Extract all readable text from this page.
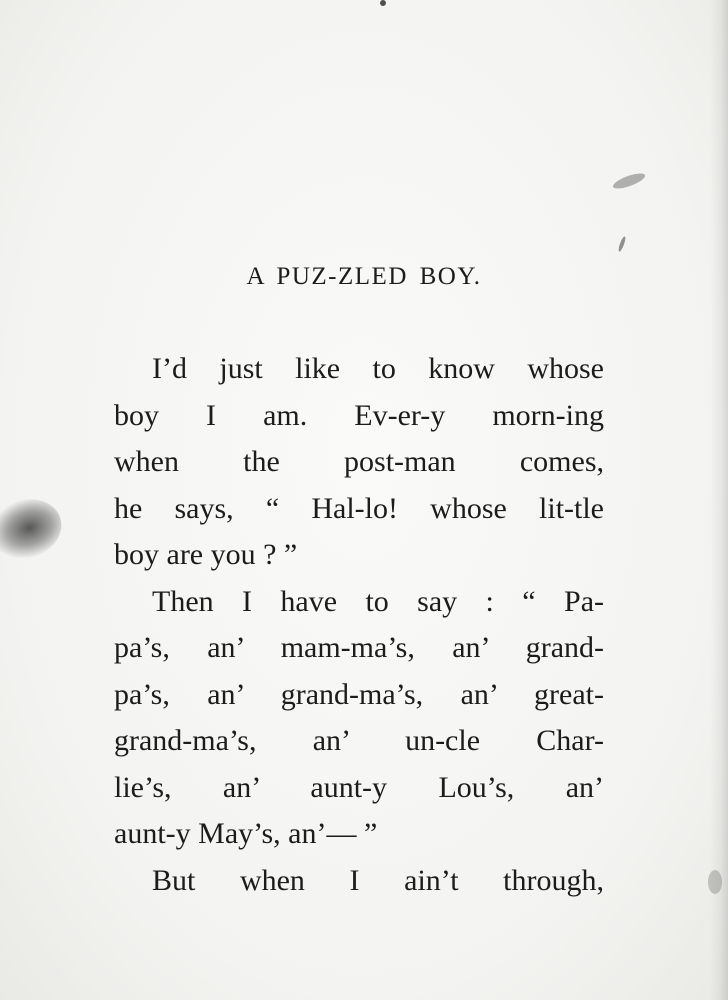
A PUZ-ZLED BOY.
I’d just like to know whose
boy I am. Ev-er-y morn-ing
when the post-man comes,
he says, “ Hal-lo! whose lit-tle
boy are you ? ”
Then I have to say : “ Pa-
pa’s, an’ mam-ma’s, an’ grand-
pa’s, an’ grand-ma’s, an’ great-
grand-ma’s, an’ un-cle Char-
lie’s, an’ aunt-y Lou’s, an’
aunt-y May’s, an’— ”
But when I ain’t through,
